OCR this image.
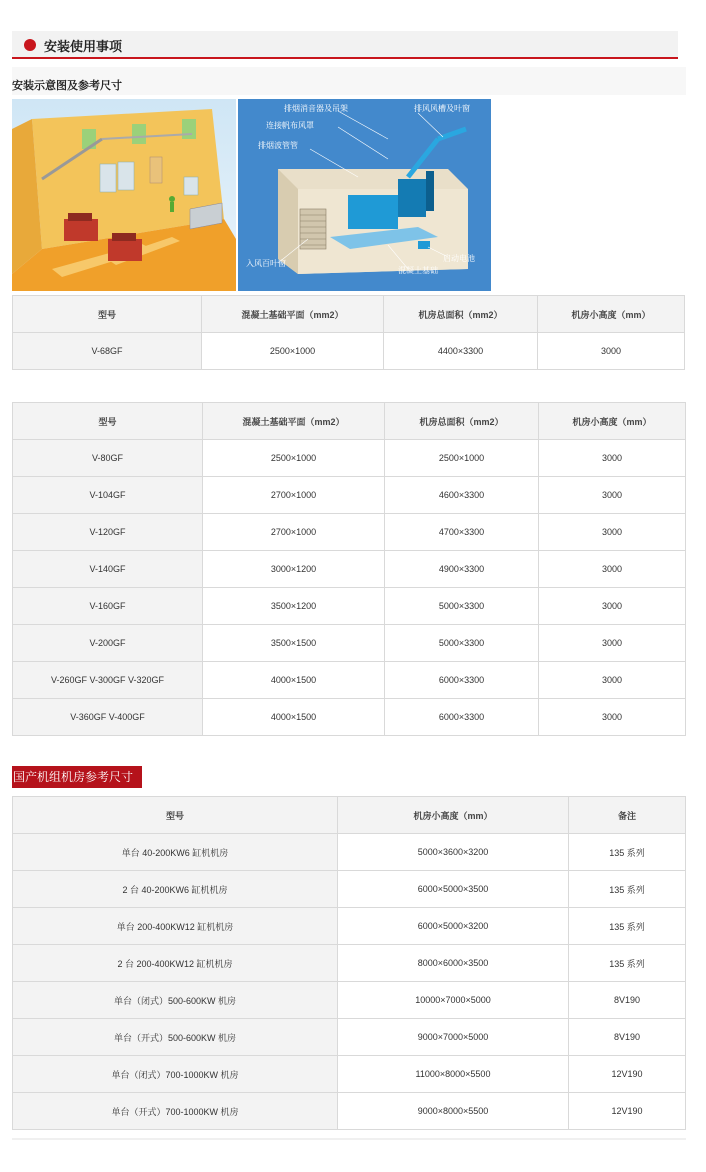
安装使用事项
安装示意图及参考尺寸
排烟消音器及吊架	排风风槽及叶窗
连接帆布风罩
排烟波管管
入风百叶窗
启动电池
混凝土基础
型号	混凝土基础平面（mm2）	机房总面积（mm2）	机房小高度（mm）
V-68GF	2500×1000	4400×3300	3000
型号	混凝土基础平面（mm2）	机房总面积（mm2）	机房小高度（mm）
V-80GF	2500×1000	2500×1000	3000
V-104GF	2700×1000	4600×3300	3000
V-120GF	2700×1000	4700×3300	3000
V-140GF	3000×1200	4900×3300	3000
V-160GF	3500×1200	5000×3300	3000
V-200GF	3500×1500	5000×3300	3000
V-260GF V-300GF V-320GF	4000×1500	6000×3300	3000
V-360GF V-400GF	4000×1500	6000×3300	3000
国产机组机房参考尺寸
型号	机房小高度（mm）	备注
单台 40-200KW6 缸机机房	5000×3600×3200	135 系列
2 台 40-200KW6 缸机机房	6000×5000×3500	135 系列
单台 200-400KW12 缸机机房	6000×5000×3200	135 系列
2 台 200-400KW12 缸机机房	8000×6000×3500	135 系列
单台（闭式）500-600KW 机房	10000×7000×5000	8V190
单台（开式）500-600KW 机房	9000×7000×5000	8V190
单台（闭式）700-1000KW 机房	11000×8000×5500	12V190
单台（开式）700-1000KW 机房	9000×8000×5500	12V190
